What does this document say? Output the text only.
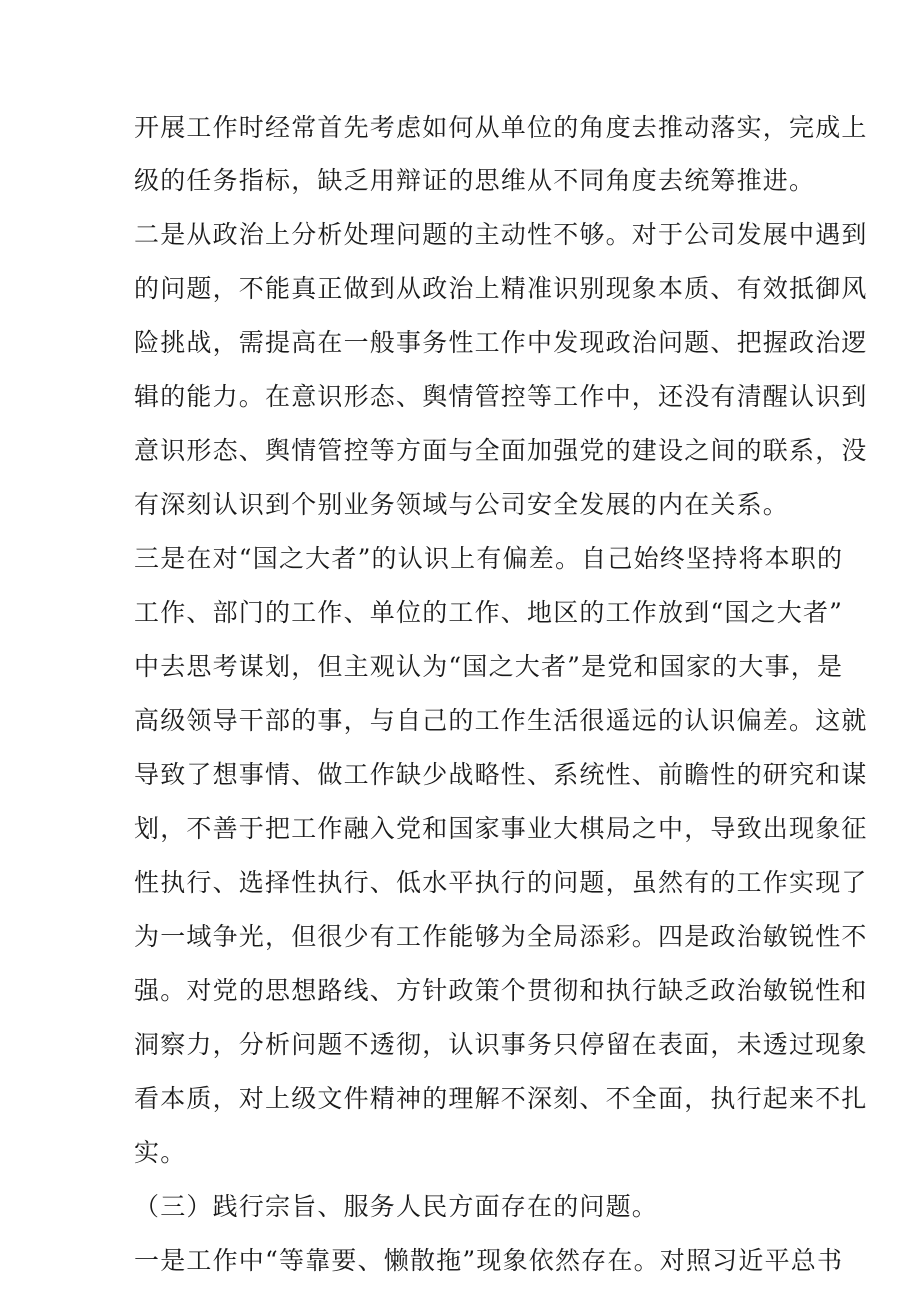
开展工作时经常首先考虑如何从单位的角度去推动落实，完成上
级的任务指标，缺乏用辩证的思维从不同角度去统筹推进。
二是从政治上分析处理问题的主动性不够。对于公司发展中遇到
的问题，不能真正做到从政治上精准识别现象本质、有效抵御风
险挑战，需提高在一般事务性工作中发现政治问题、把握政治逻
辑的能力。在意识形态、舆情管控等工作中，还没有清醒认识到
意识形态、舆情管控等方面与全面加强党的建设之间的联系，没
有深刻认识到个别业务领域与公司安全发展的内在关系。
三是在对“国之大者”的认识上有偏差。自己始终坚持将本职的
工作、部门的工作、单位的工作、地区的工作放到“国之大者”
中去思考谋划，但主观认为“国之大者”是党和国家的大事，是
高级领导干部的事，与自己的工作生活很遥远的认识偏差。这就
导致了想事情、做工作缺少战略性、系统性、前瞻性的研究和谋
划，不善于把工作融入党和国家事业大棋局之中，导致出现象征
性执行、选择性执行、低水平执行的问题，虽然有的工作实现了
为一域争光，但很少有工作能够为全局添彩。四是政治敏锐性不
强。对党的思想路线、方针政策个贯彻和执行缺乏政治敏锐性和
洞察力，分析问题不透彻，认识事务只停留在表面，未透过现象
看本质，对上级文件精神的理解不深刻、不全面，执行起来不扎
实。
（三）践行宗旨、服务人民方面存在的问题。
一是工作中“等靠要、懒散拖”现象依然存在。对照习近平总书
